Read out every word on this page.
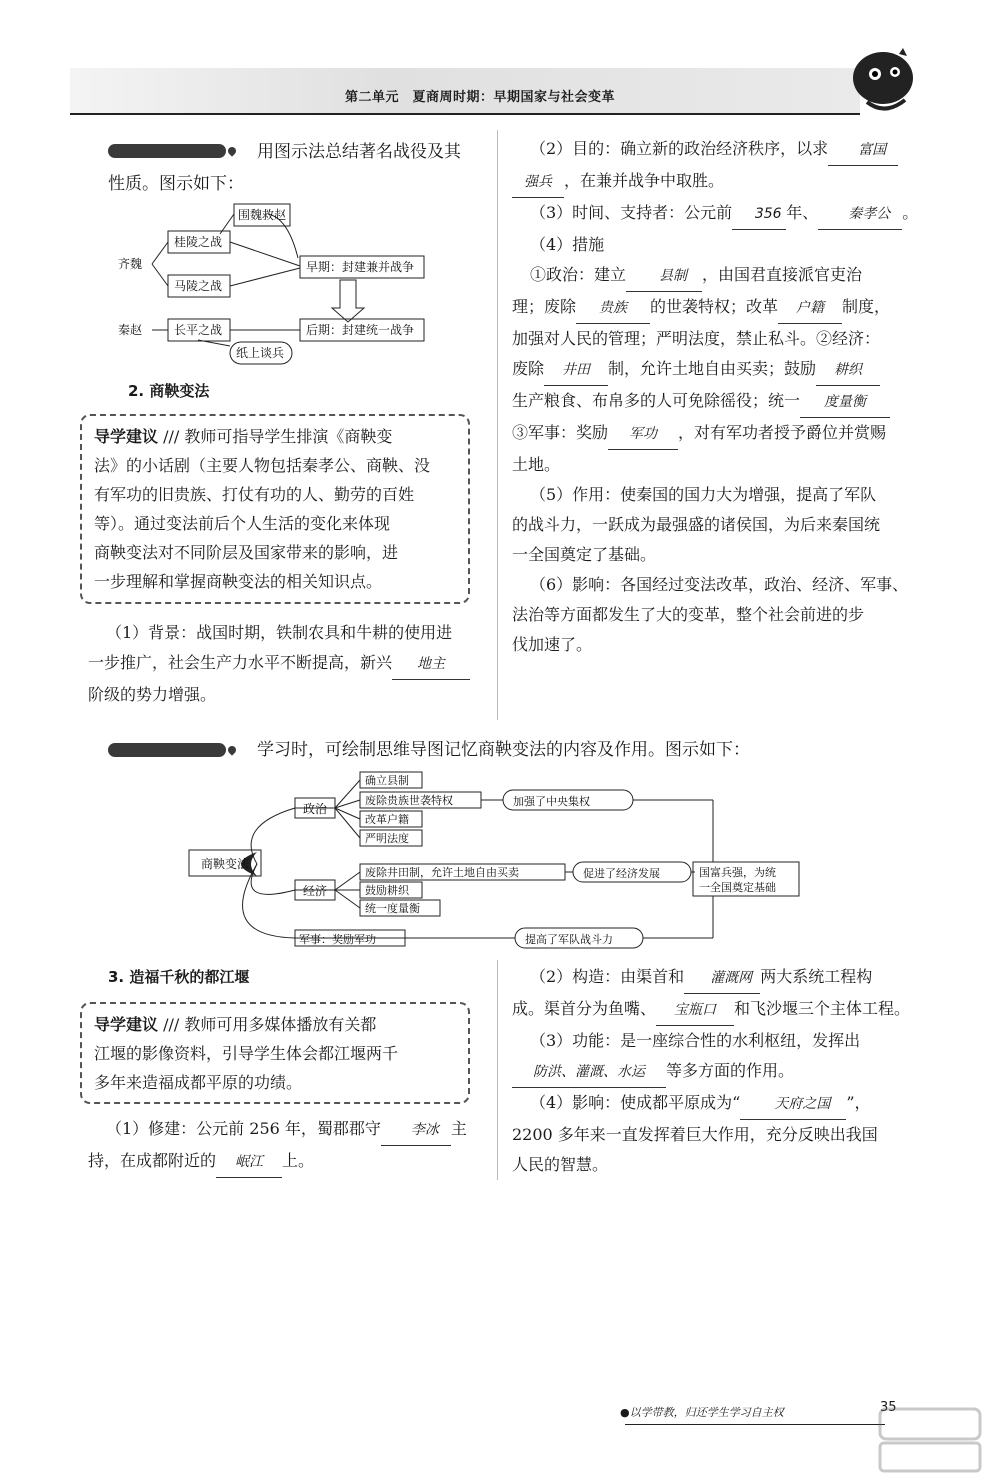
第二单元　夏商周时期：早期国家与社会变革
用图示法总结著名战役及其
性质。图示如下：
围魏救赵
桂陵之战
齐魏
马陵之战
早期：封建兼并战争
秦赵	长平之战	后期：封建统一战争
纸上谈兵
2. 商鞅变法
导学建议 /// 教师可指导学生排演《商鞅变
法》的小话剧（主要人物包括秦孝公、商鞅、没
有军功的旧贵族、打仗有功的人、勤劳的百姓
等）。通过变法前后个人生活的变化来体现
商鞅变法对不同阶层及国家带来的影响，进
一步理解和掌握商鞅变法的相关知识点。
（1）背景：战国时期，铁制农具和牛耕的使用进
一步推广，社会生产力水平不断提高，新兴 地主
阶级的势力增强。
（2）目的：确立新的政治经济秩序，以求 富国
强兵 ，在兼并战争中取胜。
（3）时间、支持者：公元前 356 年、 秦孝公 。
（4）措施
①政治：建立 县制 ，由国君直接派官吏治
理；废除 贵族 的世袭特权；改革 户籍 制度，
加强对人民的管理；严明法度，禁止私斗。②经济：
废除 井田 制，允许土地自由买卖；鼓励 耕织
生产粮食、布帛多的人可免除徭役；统一 度量衡
③军事：奖励 军功 ，对有军功者授予爵位并赏赐
土地。
（5）作用：使秦国的国力大为增强，提高了军队
的战斗力，一跃成为最强盛的诸侯国，为后来秦国统
一全国奠定了基础。
（6）影响：各国经过变法改革，政治、经济、军事、
法治等方面都发生了大的变革，整个社会前进的步
伐加速了。
学习时，可绘制思维导图记忆商鞅变法的内容及作用。图示如下：
商鞅变法
政治
经济
军事：奖励军功
确立县制
废除贵族世袭特权
改革户籍
严明法度
废除井田制，允许土地自由买卖
鼓励耕织
统一度量衡
加强了中央集权
促进了经济发展
提高了军队战斗力
国富兵强，为统
一全国奠定基础
3. 造福千秋的都江堰
导学建议 /// 教师可用多媒体播放有关都
江堰的影像资料，引导学生体会都江堰两千
多年来造福成都平原的功绩。
（1）修建：公元前 256 年，蜀郡郡守 李冰 主
持，在成都附近的 岷江 上。
（2）构造：由渠首和 灌溉网 两大系统工程构
成。渠首分为鱼嘴、 宝瓶口 和飞沙堰三个主体工程。
（3）功能：是一座综合性的水利枢纽，发挥出
防洪、灌溉、水运 等多方面的作用。
（4）影响：使成都平原成为“ 天府之国 ”，
2200 多年来一直发挥着巨大作用，充分反映出我国
人民的智慧。
●以学带教，归还学生学习自主权	35
